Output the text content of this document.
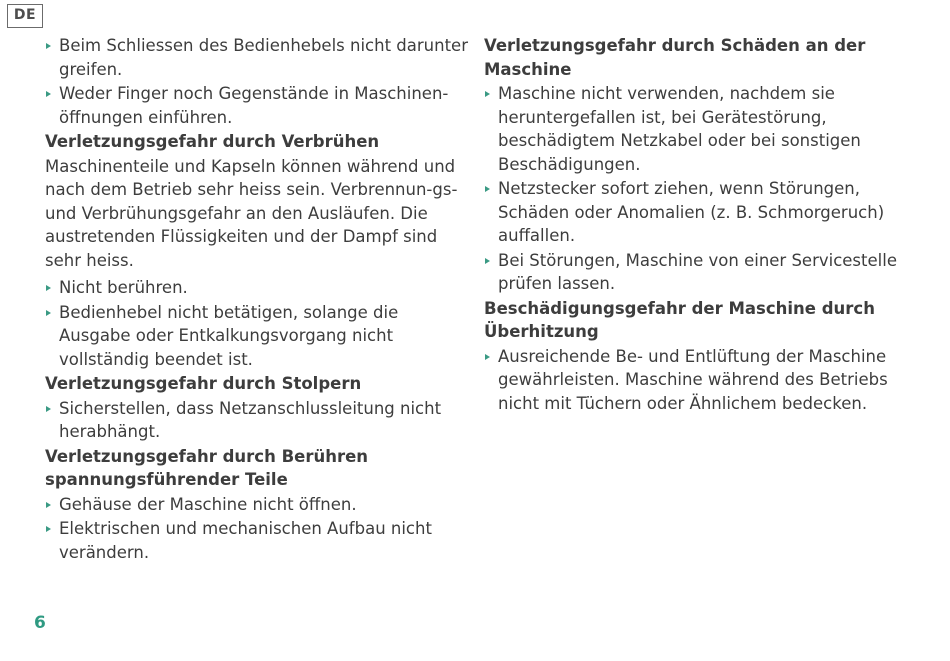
DE
Beim Schliessen des Bedienhebels nicht darunter greifen.
Weder Finger noch Gegenstände in Maschinen-öffnungen einführen.
Verletzungsgefahr durch Verbrühen
Maschinenteile und Kapseln können während und nach dem Betrieb sehr heiss sein. Verbrennun-gs- und Verbrühungsgefahr an den Ausläufen. Die austretenden Flüssigkeiten und der Dampf sind sehr heiss.
Nicht berühren.
Bedienhebel nicht betätigen, solange die Ausgabe oder Entkalkungsvorgang nicht vollständig beendet ist.
Verletzungsgefahr durch Stolpern
Sicherstellen, dass Netzanschlussleitung nicht herabhängt.
Verletzungsgefahr durch Berühren spannungsführender Teile
Gehäuse der Maschine nicht öffnen.
Elektrischen und mechanischen Aufbau nicht verändern.
Verletzungsgefahr durch Schäden an der Maschine
Maschine nicht verwenden, nachdem sie heruntergefallen ist, bei Gerätestörung, beschädigtem Netzkabel oder bei sonstigen Beschädigungen.
Netzstecker sofort ziehen, wenn Störungen, Schäden oder Anomalien (z. B. Schmorgeruch) auffallen.
Bei Störungen, Maschine von einer Servicestelle prüfen lassen.
Beschädigungsgefahr der Maschine durch Überhitzung
Ausreichende Be- und Entlüftung der Maschine gewährleisten. Maschine während des Betriebs nicht mit Tüchern oder Ähnlichem bedecken.
6
